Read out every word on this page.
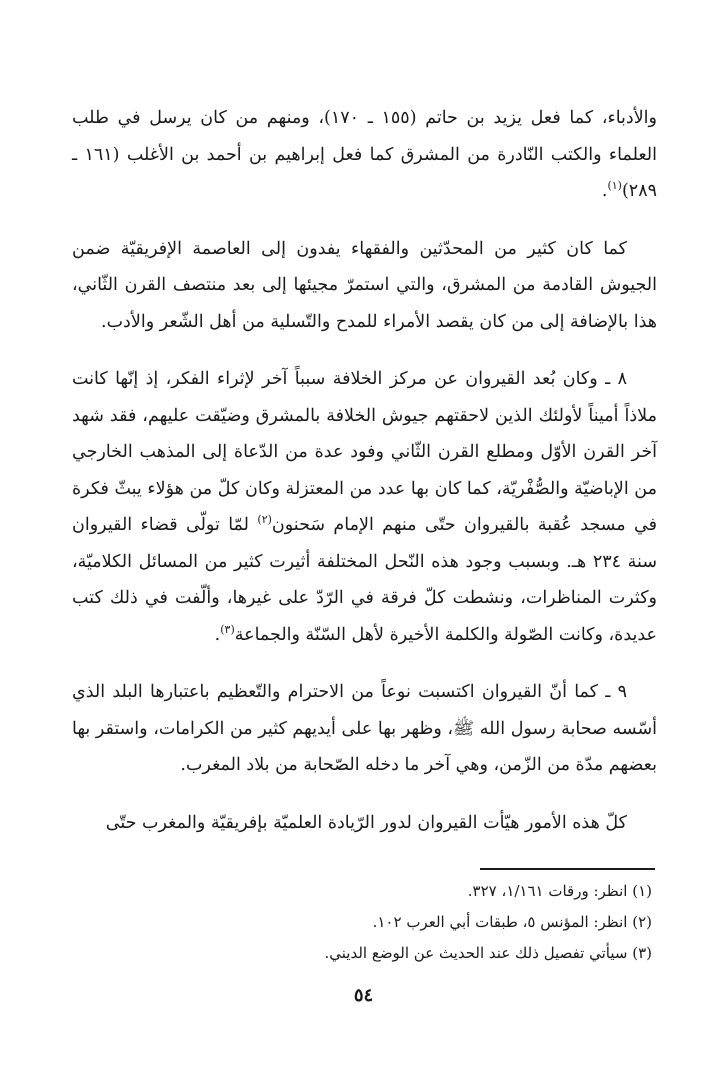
والأدباء، كما فعل يزيد بن حاتم (١٥٥ ـ ١٧٠)، ومنهم من كان يرسل في طلب العلماء والكتب النّادرة من المشرق كما فعل إبراهيم بن أحمد بن الأغلب (١٦١ ـ ٢٨٩)$^{(١)}$.

كما كان كثير من المحدّثين والفقهاء يفدون إلى العاصمة الإفريقيّة ضمن الجيوش القادمة من المشرق، والتي استمرّ مجيئها إلى بعد منتصف القرن الثّاني، هذا بالإضافة إلى من كان يقصد الأمراء للمدح والتّسلية من أهل الشّعر والأدب.

٨ ـ وكان بُعد القيروان عن مركز الخلافة سبباً آخر لإثراء الفكر، إذ إنّها كانت ملاذاً أميناً لأولئك الذين لاحقتهم جيوش الخلافة بالمشرق وضيّقت عليهم، فقد شهد آخر القرن الأوّل ومطلع القرن الثّاني وفود عدة من الدّعاة إلى المذهب الخارجي من الإباضيّة والصُّفْريّة، كما كان بها عدد من المعتزلة وكان كلّ من هؤلاء يبثّ فكرة في مسجد عُقبة بالقيروان حتّى منهم الإمام سَحنون$^{(٢)}$ لمّا تولّى قضاء القيروان سنة ٢٣٤ هـ. وبسبب وجود هذه النّحل المختلفة أثيرت كثير من المسائل الكلاميّة، وكثرت المناظرات، ونشطت كلّ فرقة في الرّدّ على غيرها، وألّفت في ذلك كتب عديدة، وكانت الصّولة والكلمة الأخيرة لأهل السّنّة والجماعة$^{(٣)}$.

٩ ـ كما أنّ القيروان اكتسبت نوعاً من الاحترام والتّعظيم باعتبارها البلد الذي أسّسه صحابة رسول الله ﷺ، وظهر بها على أيديهم كثير من الكرامات، واستقر بها بعضهم مدّة من الزّمن، وهي آخر ما دخله الصّحابة من بلاد المغرب.

كلّ هذه الأمور هيّأت القيروان لدور الرّيادة العلميّة بإفريقيّة والمغرب حتّى

(١) انظر: ورقات ١/١٦١، ٣٢٧.

(٢) انظر: المؤنس ٥، طبقات أبي العرب ١٠٢.

(٣) سيأتي تفصيل ذلك عند الحديث عن الوضع الديني.

٥٤
